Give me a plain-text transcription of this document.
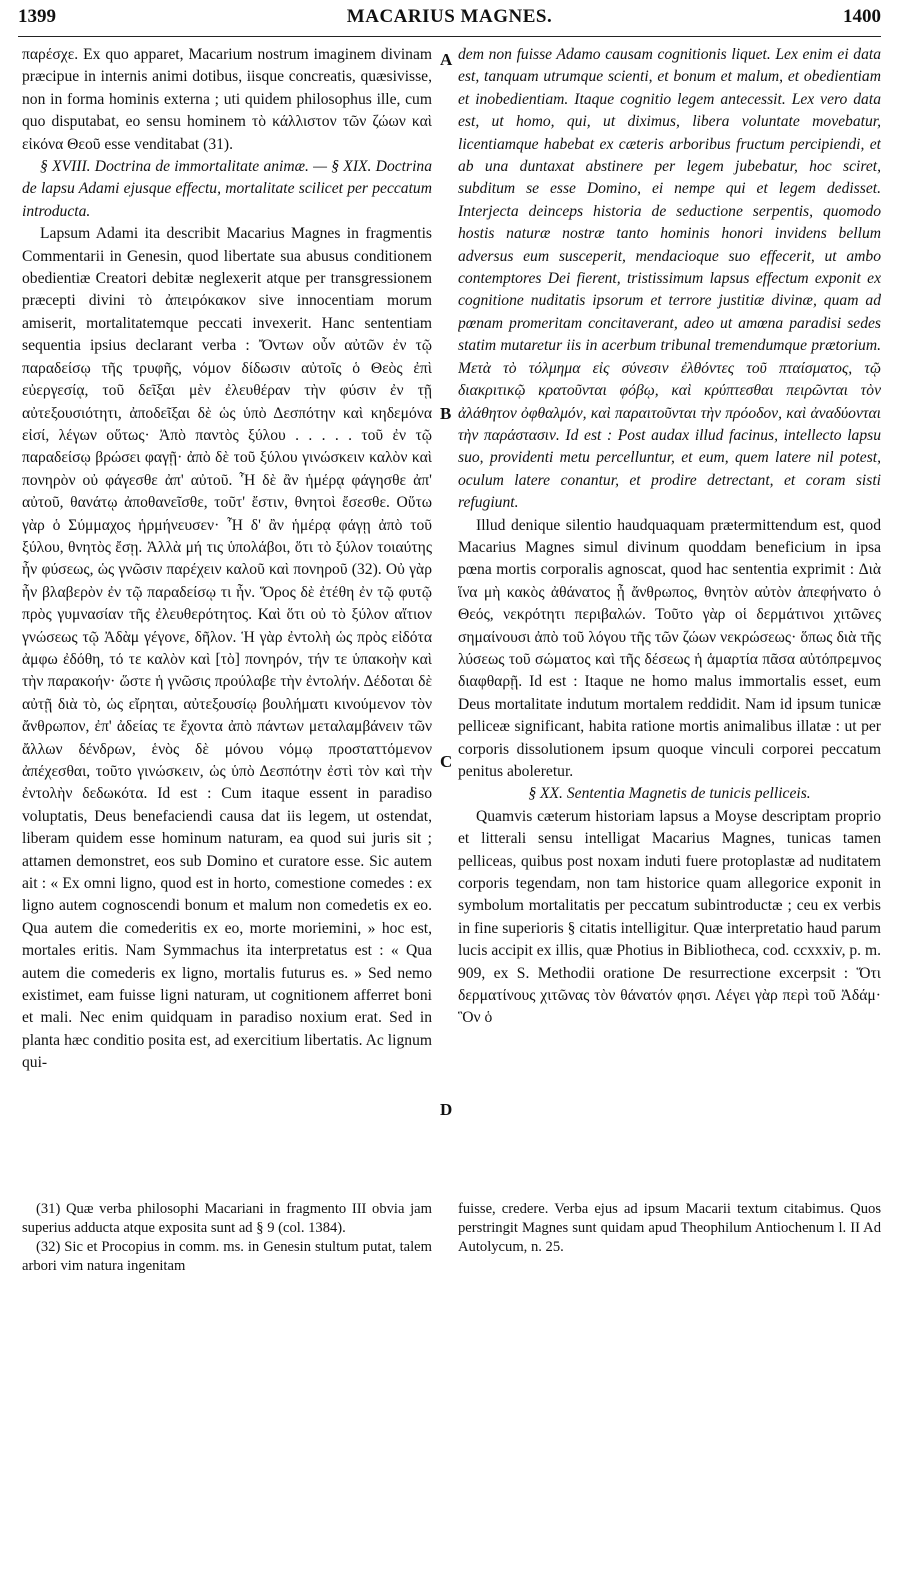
1399	MACARIUS MAGNES.	1400

παρέσχε. Ex quo apparet, Macarium nostrum imaginem divinam præcipue in internis animi dotibus, iisque concreatis, quæsivisse, non in forma hominis externa ; uti quidem philosophus ille, cum quo disputabat, eo sensu hominem τὸ κάλλιστον τῶν ζώων καὶ εἰκόνα Θεοῦ esse venditabat (31).

§ XVIII. Doctrina de immortalitate animæ. — § XIX. Doctrina de lapsu Adami ejusque effectu, mortalitate scilicet per peccatum introducta.

Lapsum Adami ita describit Macarius Magnes in fragmentis Commentarii in Genesin, quod libertate sua abusus conditionem obedientiæ Creatori debitæ neglexerit atque per transgressionem præcepti divini τὸ ἀπειρόκακον sive innocentiam morum amiserit, mortalitatemque peccati invexerit. Hanc sententiam sequentia ipsius declarant verba : Ὄντων οὖν αὐτῶν ἐν τῷ παραδείσῳ τῆς τρυφῆς, νόμον δίδωσιν αὐτοῖς ὁ Θεὸς ἐπὶ εὐεργεσίᾳ, τοῦ δεῖξαι μὲν ἐλευθέραν τὴν φύσιν ἐν τῇ αὐτεξουσιότητι, ἀποδεῖξαι δὲ ὡς ὑπὸ Δεσπότην καὶ κηδεμόνα εἰσί, λέγων οὕτως· Ἀπὸ παντὸς ξύλου . . . . . τοῦ ἐν τῷ παραδείσῳ βρώσει φαγῇ· ἀπὸ δὲ τοῦ ξύλου γινώσκειν καλὸν καὶ πονηρὸν οὐ φάγεσθε ἀπ' αὐτοῦ. Ἧ δὲ ἂν ἡμέρᾳ φάγησθε ἀπ' αὐτοῦ, θανάτῳ ἀποθανεῖσθε, τοῦτ' ἔστιν, θνητοὶ ἔσεσθε. Οὕτω γὰρ ὁ Σύμμαχος ἡρμήνευσεν· Ἧ δ' ἂν ἡμέρᾳ φάγῃ ἀπὸ τοῦ ξύλου, θνητὸς ἔσῃ. Ἀλλὰ μή τις ὑπολάβοι, ὅτι τὸ ξύλον τοιαύτης ἦν φύσεως, ὡς γνῶσιν παρέχειν καλοῦ καὶ πονηροῦ (32). Οὐ γὰρ ἦν βλαβερὸν ἐν τῷ παραδείσῳ τι ἦν. Ὅρος δὲ ἐτέθη ἐν τῷ φυτῷ πρὸς γυμνασίαν τῆς ἐλευθερότητος. Καὶ ὅτι οὐ τὸ ξύλον αἴτιον γνώσεως τῷ Ἀδὰμ γέγονε, δῆλον. Ἡ γὰρ ἐντολὴ ὡς πρὸς εἰδότα ἀμφω ἐδόθη, τό τε καλὸν καὶ [τὸ] πονηρόν, τήν τε ὑπακοὴν καὶ τὴν παρακοήν· ὥστε ἡ γνῶσις προύλαβε τὴν ἐντολήν. Δέδοται δὲ αὐτῇ διὰ τὸ, ὡς εἴρηται, αὐτεξουσίῳ βουλήματι κινούμενον τὸν ἄνθρωπον, ἐπ' ἀδείας τε ἔχοντα ἀπὸ πάντων μεταλαμβάνειν τῶν ἄλλων δένδρων, ἑνὸς δὲ μόνου νόμῳ προσταττόμενον ἀπέχεσθαι, τοῦτο γινώσκειν, ὡς ὑπὸ Δεσπότην ἐστὶ τὸν καὶ τὴν ἐντολὴν δεδωκότα. Id est : Cum itaque essent in paradiso voluptatis, Deus benefaciendi causa dat iis legem, ut ostendat, liberam quidem esse hominum naturam, ea quod sui juris sit ; attamen demonstret, eos sub Domino et curatore esse. Sic autem ait : « Ex omni ligno, quod est in horto, comestione comedes : ex ligno autem cognoscendi bonum et malum non comedetis ex eo. Qua autem die comederitis ex eo, morte moriemini, » hoc est, mortales eritis. Nam Symmachus ita interpretatus est : « Qua autem die comederis ex ligno, mortalis futurus es. » Sed nemo existimet, eam fuisse ligni naturam, ut cognitionem afferret boni et mali. Nec enim quidquam in paradiso noxium erat. Sed in planta hæc conditio posita est, ad exercitium libertatis. Ac lignum qui-

A
B
C
D

dem non fuisse Adamo causam cognitionis liquet. Lex enim ei data est, tanquam utrumque scienti, et bonum et malum, et obedientiam et inobedientiam. Itaque cognitio legem antecessit. Lex vero data est, ut homo, qui, ut diximus, libera voluntate movebatur, licentiamque habebat ex cæteris arboribus fructum percipiendi, et ab una duntaxat abstinere per legem jubebatur, hoc sciret, subditum se esse Domino, ei nempe qui et legem dedisset. Interjecta deinceps historia de seductione serpentis, quomodo hostis naturæ nostræ tanto hominis honori invidens bellum adversus eum susceperit, mendacioque suo effecerit, ut ambo contemptores Dei fierent, tristissimum lapsus effectum exponit ex cognitione nuditatis ipsorum et terrore justitiæ divinæ, quam ad pœnam promeritam concitaverant, adeo ut amœna paradisi sedes statim mutaretur iis in acerbum tribunal tremendumque prætorium. Μετὰ τὸ τόλμημα εἰς σύνεσιν ἐλθόντες τοῦ πταίσματος, τῷ διακριτικῷ κρατοῦνται φόβῳ, καὶ κρύπτεσθαι πειρῶνται τὸν ἀλάθητον ὀφθαλμόν, καὶ παραιτοῦνται τὴν πρόοδον, καὶ ἀναδύονται τὴν παράστασιν. Id est : Post audax illud facinus, intellecto lapsu suo, providenti metu percelluntur, et eum, quem latere nil potest, oculum latere conantur, et prodire detrectant, et coram sisti refugiunt.

Illud denique silentio haudquaquam prætermittendum est, quod Macarius Magnes simul divinum quoddam beneficium in ipsa pœna mortis corporalis agnoscat, quod hac sententia exprimit : Διὰ ἵνα μὴ κακὸς ἀθάνατος ᾖ ἄνθρωπος, θνητὸν αὐτὸν ἀπεφήνατο ὁ Θεός, νεκρότητι περιβαλών. Τοῦτο γὰρ οἱ δερμάτινοι χιτῶνες σημαίνουσι ἀπὸ τοῦ λόγου τῆς τῶν ζώων νεκρώσεως· ὅπως διὰ τῆς λύσεως τοῦ σώματος καὶ τῆς δέσεως ἡ ἁμαρτία πᾶσα αὐτόπρεμνος διαφθαρῇ. Id est : Itaque ne homo malus immortalis esset, eum Deus mortalitate indutum mortalem reddidit. Nam id ipsum tunicæ pelliceæ significant, habita ratione mortis animalibus illatæ : ut per corporis dissolutionem ipsum quoque vinculi corporei peccatum penitus aboleretur.

§ XX. Sententia Magnetis de tunicis pelliceis.

Quamvis cæterum historiam lapsus a Moyse descriptam proprio et litterali sensu intelligat Macarius Magnes, tunicas tamen pelliceas, quibus post noxam induti fuere protoplastæ ad nuditatem corporis tegendam, non tam historice quam allegorice exponit in symbolum mortalitatis per peccatum subintroductæ ; ceu ex verbis in fine superioris § citatis intelligitur. Quæ interpretatio haud parum lucis accipit ex illis, quæ Photius in Bibliotheca, cod. ccxxxiv, p. m. 909, ex S. Methodii oratione De resurrectione excerpsit : Ὅτι δερματίνους χιτῶνας τὸν θάνατόν φησι. Λέγει γὰρ περὶ τοῦ Ἀδάμ· Ὃν ὁ

(31) Quæ verba philosophi Macariani in fragmento III obvia jam superius adducta atque exposita sunt ad § 9 (col. 1384).

(32) Sic et Procopius in comm. ms. in Genesin stultum putat, talem arbori vim natura ingenitam

fuisse, credere. Verba ejus ad ipsum Macarii textum citabimus. Quos perstringit Magnes sunt quidam apud Theophilum Antiochenum l. II Ad Autolycum, n. 25.
